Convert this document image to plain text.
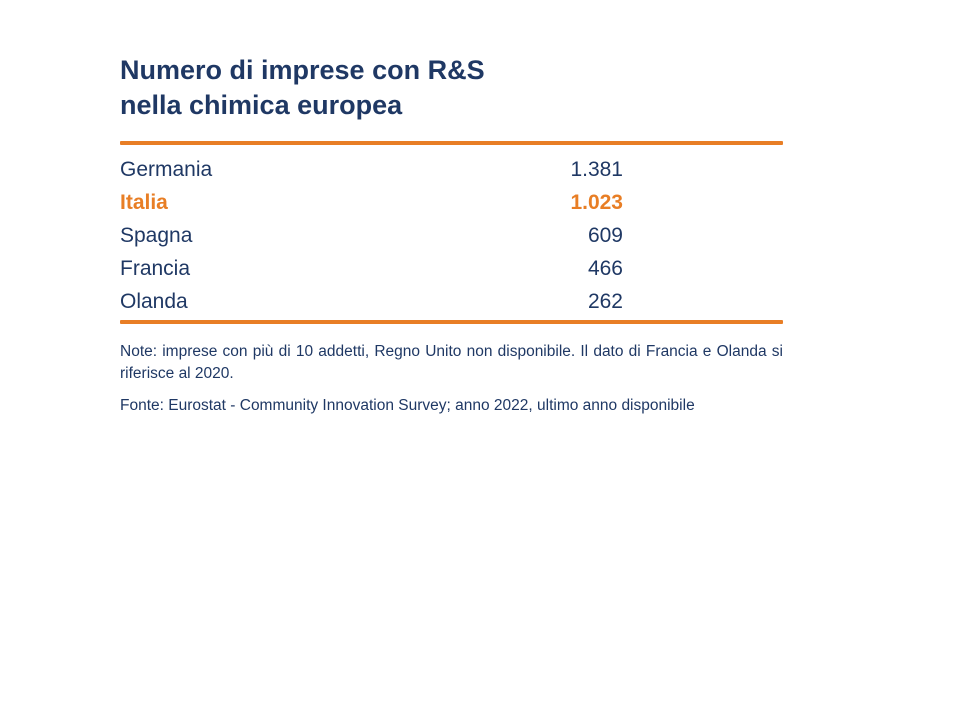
Numero di imprese con R&S
nella chimica europea
Germania	1.381
Italia	1.023
Spagna	609
Francia	466
Olanda	262

Note: imprese con più di 10 addetti, Regno Unito non disponibile. Il dato di Francia e Olanda si riferisce al 2020.

Fonte: Eurostat - Community Innovation Survey; anno 2022, ultimo anno disponibile
